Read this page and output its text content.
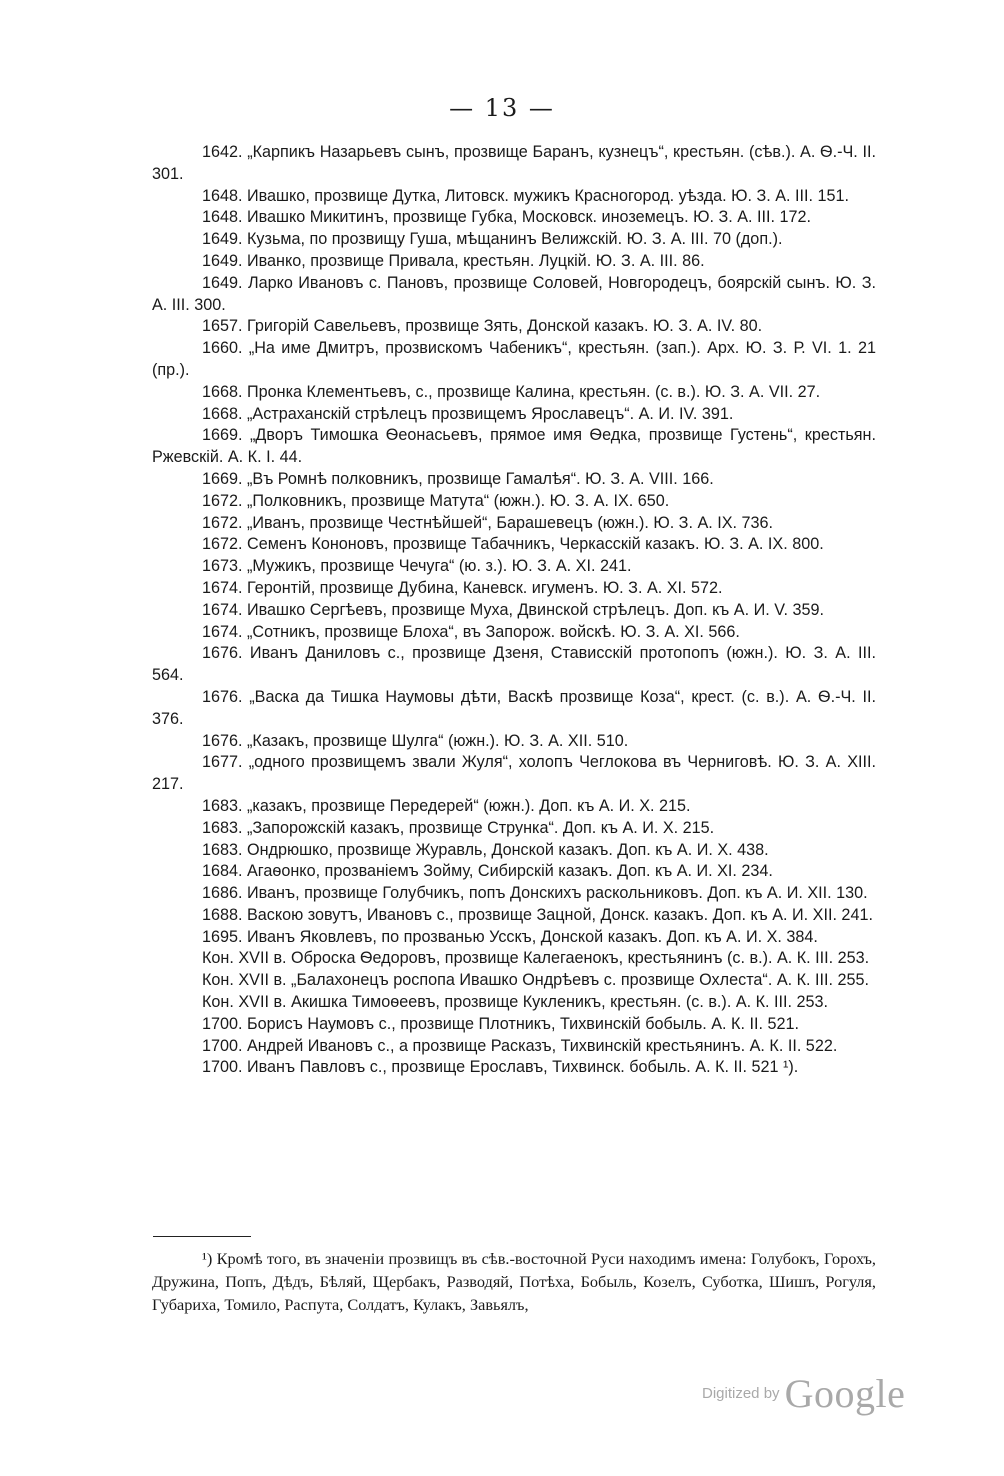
— 13 —

1642. „Карпикъ Назарьевъ сынъ, прозвище Баранъ, кузнецъ“, крестьян. (сѣв.). А. Ѳ.-Ч. II. 301.

1648. Ивашко, прозвище Дутка, Литовск. мужикъ Красногород. уѣзда. Ю. З. А. III. 151.

1648. Ивашко Микитинъ, прозвище Губка, Московск. иноземецъ. Ю. З. А. III. 172.

1649. Кузьма, по прозвищу Гуша, мѣщанинъ Велижскій. Ю. З. А. III. 70 (доп.).

1649. Иванко, прозвище Привала, крестьян. Луцкій. Ю. З. А. III. 86.

1649. Ларко Ивановъ с. Пановъ, прозвище Соловей, Новгородецъ, боярскій сынъ. Ю. З. А. III. 300.

1657. Григорій Савельевъ, прозвище Зять, Донской казакъ. Ю. З. А. IV. 80.

1660. „На име Дмитръ, прозвискомъ Чабеникъ“, крестьян. (зап.). Арх. Ю. З. Р. VI. 1. 21 (пр.).

1668. Пронка Клементьевъ, с., прозвище Калина, крестьян. (с. в.). Ю. З. А. VII. 27.

1668. „Астраханскій стрѣлецъ прозвищемъ Ярославецъ“. А. И. IV. 391.

1669. „Дворъ Тимошка Ѳеонасьевъ, прямое имя Ѳедка, прозвище Густень“, крестьян. Ржевскій. А. К. I. 44.

1669. „Въ Ромнѣ полковникъ, прозвище Гамалѣя“. Ю. З. А. VIII. 166.

1672. „Полковникъ, прозвище Матута“ (южн.). Ю. З. А. IX. 650.

1672. „Иванъ, прозвище Честнѣйшей“, Барашевецъ (южн.). Ю. З. А. IX. 736.

1672. Семенъ Кононовъ, прозвище Табачникъ, Черкасскій казакъ. Ю. З. А. IX. 800.

1673. „Мужикъ, прозвище Чечуга“ (ю. з.). Ю. З. А. XI. 241.

1674. Геронтій, прозвище Дубина, Каневск. игуменъ. Ю. З. А. XI. 572.

1674. Ивашко Сергѣевъ, прозвище Муха, Двинской стрѣлецъ. Доп. къ А. И. V. 359.

1674. „Сотникъ, прозвище Блоха“, въ Запорож. войскѣ. Ю. З. А. XI. 566.

1676. Иванъ Даниловъ с., прозвище Дзеня, Стависскій протопопъ (южн.). Ю. З. А. III. 564.

1676. „Васка да Тишка Наумовы дѣти, Васкѣ прозвище Коза“, крест. (с. в.). А. Ѳ.-Ч. II. 376.

1676. „Казакъ, прозвище Шулга“ (южн.). Ю. З. А. XII. 510.

1677. „одного прозвищемъ звали Жуля“, холопъ Чеглокова въ Черниговѣ. Ю. З. А. XIII. 217.

1683. „казакъ, прозвище Передерей“ (южн.). Доп. къ А. И. X. 215.

1683. „Запорожскій казакъ, прозвище Струнка“. Доп. къ А. И. X. 215.

1683. Ондрюшко, прозвище Журавль, Донской казакъ. Доп. къ А. И. X. 438.

1684. Агаѳонко, прозваніемъ Зойму, Сибирскій казакъ. Доп. къ А. И. XI. 234.

1686. Иванъ, прозвище Голубчикъ, попъ Донскихъ раскольниковъ. Доп. къ А. И. XII. 130.

1688. Васкою зовутъ, Ивановъ с., прозвище Зацной, Донск. казакъ. Доп. къ А. И. XII. 241.

1695. Иванъ Яковлевъ, по прозванью Усскъ, Донской казакъ. Доп. къ А. И. X. 384.

Кон. XVII в. Оброска Ѳедоровъ, прозвище Калегаенокъ, крестьянинъ (с. в.). А. К. III. 253.

Кон. XVII в. „Балахонецъ роспопа Ивашко Ондрѣевъ с. прозвище Охлеста“. А. К. III. 255.

Кон. XVII в. Акишка Тимоѳеевъ, прозвище Кукленикъ, крестьян. (с. в.). А. К. III. 253.

1700. Борисъ Наумовъ с., прозвище Плотникъ, Тихвинскій бобыль. А. К. II. 521.

1700. Андрей Ивановъ с., а прозвище Расказъ, Тихвинскій крестьянинъ. А. К. II. 522.

1700. Иванъ Павловъ с., прозвище Ерославъ, Тихвинск. бобыль. А. К. II. 521 ¹).

¹) Кромѣ того, въ значеніи прозвищъ въ сѣв.-восточной Руси находимъ имена: Голубокъ, Горохъ, Дружина, Попъ, Дѣдъ, Бѣляй, Щербакъ, Разводяй, Потѣха, Бобыль, Козелъ, Суботка, Шишъ, Рогуля, Губариха, Томило, Распута, Солдатъ, Кулакъ, Завьялъ,

Digitized by Google
